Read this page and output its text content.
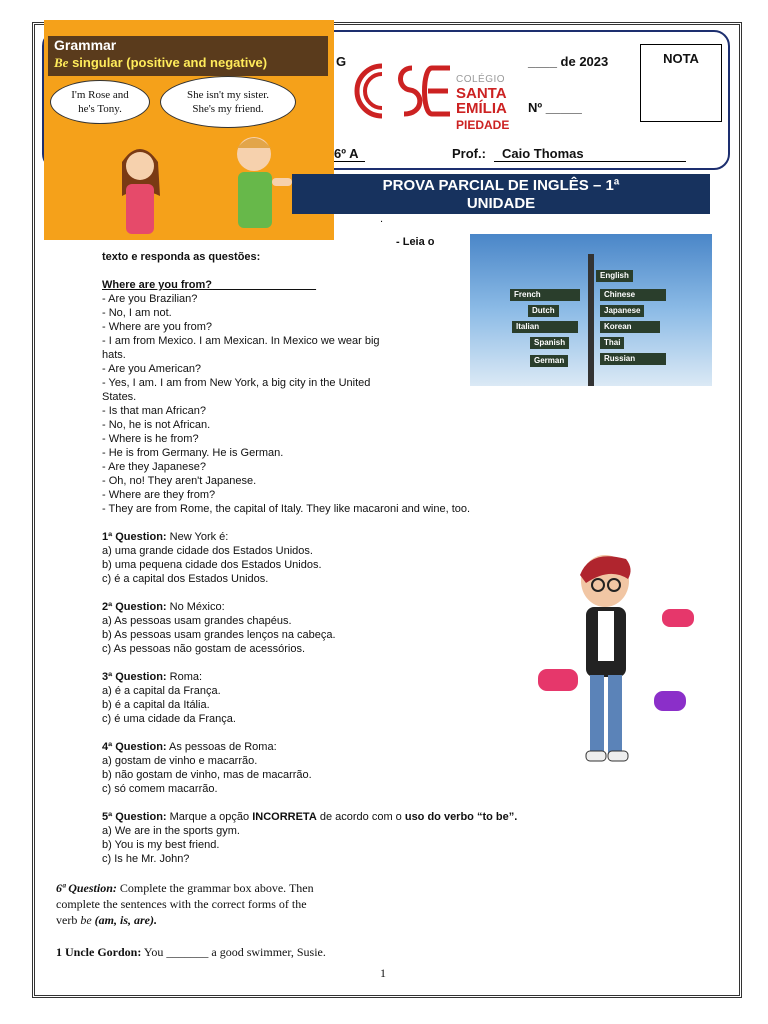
G	____ de 2023	NOTA
Nº _____
6º A	Prof.:	Caio Thomas
COLÉGIO
SANTA
EMÍLIA
PIEDADE
Grammar
Be singular (positive and negative)
I'm Rose and
he's Tony.
She isn't my sister.
She's my friend.
PROVA PARCIAL DE INGLÊS – 1ª
UNIDADE
.
- Leia o
texto e responda as questões:
Where are you from?_________________
- Are you Brazilian?
- No, I am not.
- Where are you from?
- I am from Mexico. I am Mexican. In Mexico we wear big
hats.
- Are you American?
- Yes, I am. I am from New York, a big city in the United
States.
- Is that man African?
- No, he is not African.
- Where is he from?
- He is from Germany. He is German.
- Are they Japanese?
- Oh, no! They aren't Japanese.
- Where are they from?
- They are from Rome, the capital of Italy. They like macaroni and wine, too.
English
French	Chinese
Dutch	Japanese
Italian	Korean
Spanish	Thai
German	Russian
1ª Question: New York é:
a) uma grande cidade dos Estados Unidos.
b) uma pequena cidade dos Estados Unidos.
c) é a capital dos Estados Unidos.
2ª Question: No México:
a) As pessoas usam grandes chapéus.
b) As pessoas usam grandes lenços na cabeça.
c) As pessoas não gostam de acessórios.
3ª Question: Roma:
a) é a capital da França.
b) é a capital da Itália.
c) é uma cidade da França.
4ª Question: As pessoas de Roma:
a) gostam de vinho e macarrão.
b) não gostam de vinho, mas de macarrão.
c) só comem macarrão.
5ª Question: Marque a opção INCORRETA de acordo com o uso do verbo “to be”.
a) We are in the sports gym.
b) You is my best friend.
c) Is he Mr. John?
6ª Question: Complete the grammar box above. Then
complete the sentences with the correct forms of the
verb be (am, is, are).
1 Uncle Gordon: You _______ a good swimmer, Susie.
1
